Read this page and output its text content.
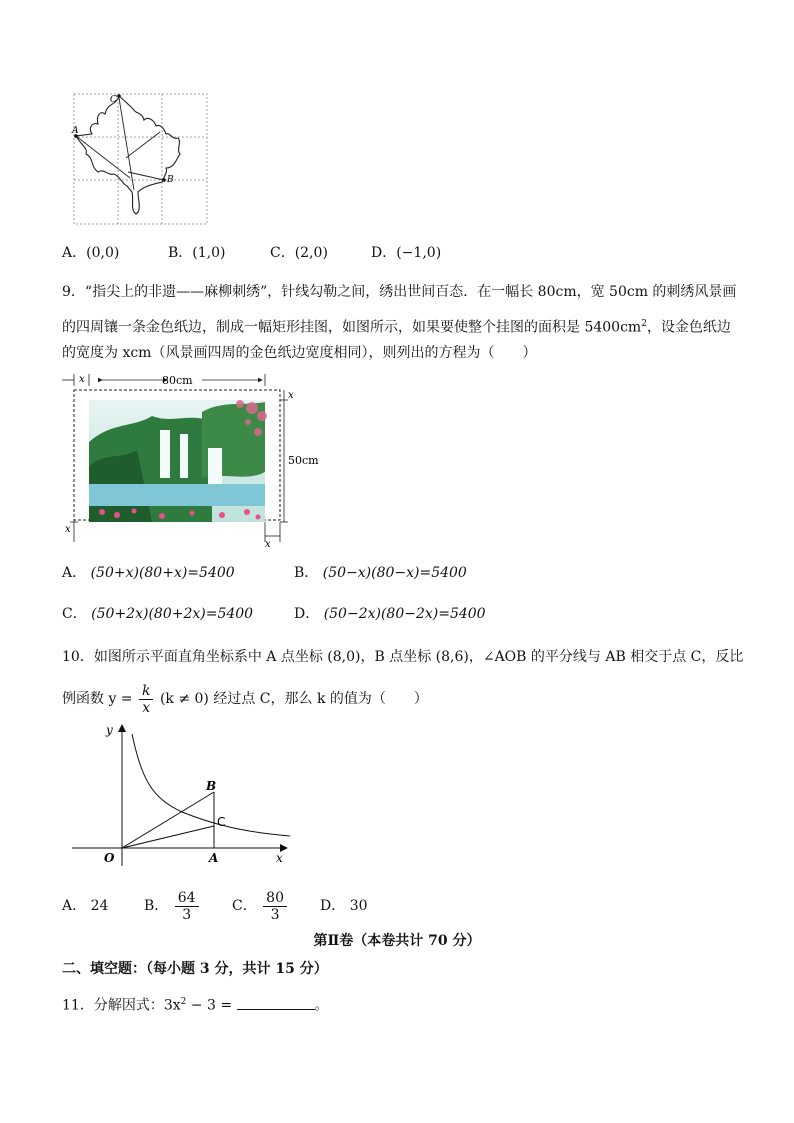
C
A
B
A．(0,0)	B．(1,0)	C．(2,0)	D．(−1,0)
9．“指尖上的非遗——麻柳刺绣”，针线勾勒之间，绣出世间百态．在一幅长 80cm，宽 50cm 的刺绣风景画
的四周镶一条金色纸边，制成一幅矩形挂图，如图所示，如果要使整个挂图的面积是 $5400cm^2$，设金色纸边
的宽度为 xcm（风景画四周的金色纸边宽度相同），则列出的方程为（　　）
80cm
50cm
x
x
x
x
A． (50+x)(80+x)=5400	B． (50−x)(80−x)=5400
C． (50+2x)(80+2x)=5400	D． (50−2x)(80−2x)=5400
10．如图所示平面直角坐标系中 A 点坐标 (8,0)，B 点坐标 (8,6)，∠AOB 的平分线与 AB 相交于点 C，反比
例函数 $y = \frac{k}{x} (k \ne 0)$ 经过点 C，那么 k 的值为（　　）
y
x
O	A
B
C
A． 24	B． $\frac{64}{3}$ C． $\frac{80}{3}$ D． 30
第Ⅱ卷（本卷共计 70 分）
二、填空题：（每小题 3 分，共计 15 分）
11．分解因式：$3x^2 - 3$ =	。
